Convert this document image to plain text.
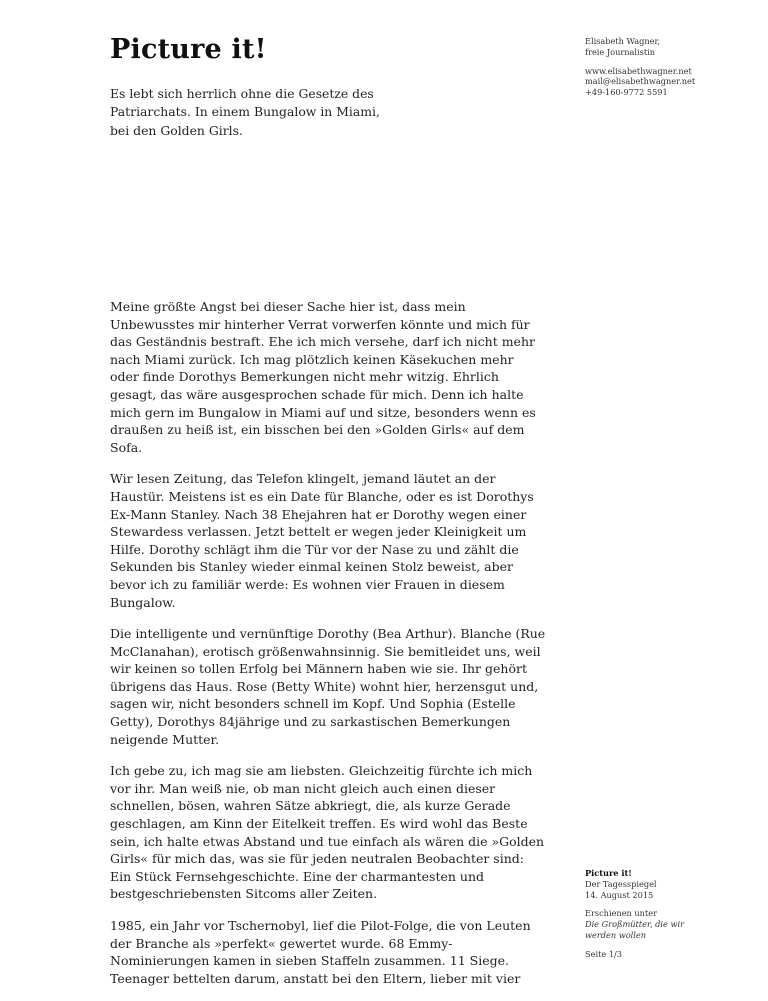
Picture it!

Es lebt sich herrlich ohne die Gesetze des
Patriarchats. In einem Bungalow in Miami,
bei den Golden Girls.

Elisabeth Wagner,
freie Journalistin
www.elisabethwagner.net
mail@elisabethwagner.net
+49-160-9772 5591

Meine größte Angst bei dieser Sache hier ist, dass mein
Unbewusstes mir hinterher Verrat vorwerfen könnte und mich für
das Geständnis bestraft. Ehe ich mich versehe, darf ich nicht mehr
nach Miami zurück. Ich mag plötzlich keinen Käsekuchen mehr
oder finde Dorothys Bemerkungen nicht mehr witzig. Ehrlich
gesagt, das wäre ausgesprochen schade für mich. Denn ich halte
mich gern im Bungalow in Miami auf und sitze, besonders wenn es
draußen zu heiß ist, ein bisschen bei den »Golden Girls« auf dem
Sofa.

Wir lesen Zeitung, das Telefon klingelt, jemand läutet an der
Haustür. Meistens ist es ein Date für Blanche, oder es ist Dorothys
Ex-Mann Stanley. Nach 38 Ehejahren hat er Dorothy wegen einer
Stewardess verlassen. Jetzt bettelt er wegen jeder Kleinigkeit um
Hilfe. Dorothy schlägt ihm die Tür vor der Nase zu und zählt die
Sekunden bis Stanley wieder einmal keinen Stolz beweist, aber
bevor ich zu familiär werde: Es wohnen vier Frauen in diesem
Bungalow.

Die intelligente und vernünftige Dorothy (Bea Arthur). Blanche (Rue
McClanahan), erotisch größenwahnsinnig. Sie bemitleidet uns, weil
wir keinen so tollen Erfolg bei Männern haben wie sie. Ihr gehört
übrigens das Haus. Rose (Betty White) wohnt hier, herzensgut und,
sagen wir, nicht besonders schnell im Kopf. Und Sophia (Estelle
Getty), Dorothys 84jährige und zu sarkastischen Bemerkungen
neigende Mutter.

Ich gebe zu, ich mag sie am liebsten. Gleichzeitig fürchte ich mich
vor ihr. Man weiß nie, ob man nicht gleich auch einen dieser
schnellen, bösen, wahren Sätze abkriegt, die, als kurze Gerade
geschlagen, am Kinn der Eitelkeit treffen. Es wird wohl das Beste
sein, ich halte etwas Abstand und tue einfach als wären die »Golden
Girls« für mich das, was sie für jeden neutralen Beobachter sind:
Ein Stück Fernsehgeschichte. Eine der charmantesten und
bestgeschriebensten Sitcoms aller Zeiten.

1985, ein Jahr vor Tschernobyl, lief die Pilot-Folge, die von Leuten
der Branche als »perfekt« gewertet wurde. 68 Emmy-
Nominierungen kamen in sieben Staffeln zusammen. 11 Siege.
Teenager bettelten darum, anstatt bei den Eltern, lieber mit vier

Picture it!
Der Tagesspiegel
14. August 2015
Erschienen unter
Die Großmütter, die wir
werden wollen
Seite 1/3
